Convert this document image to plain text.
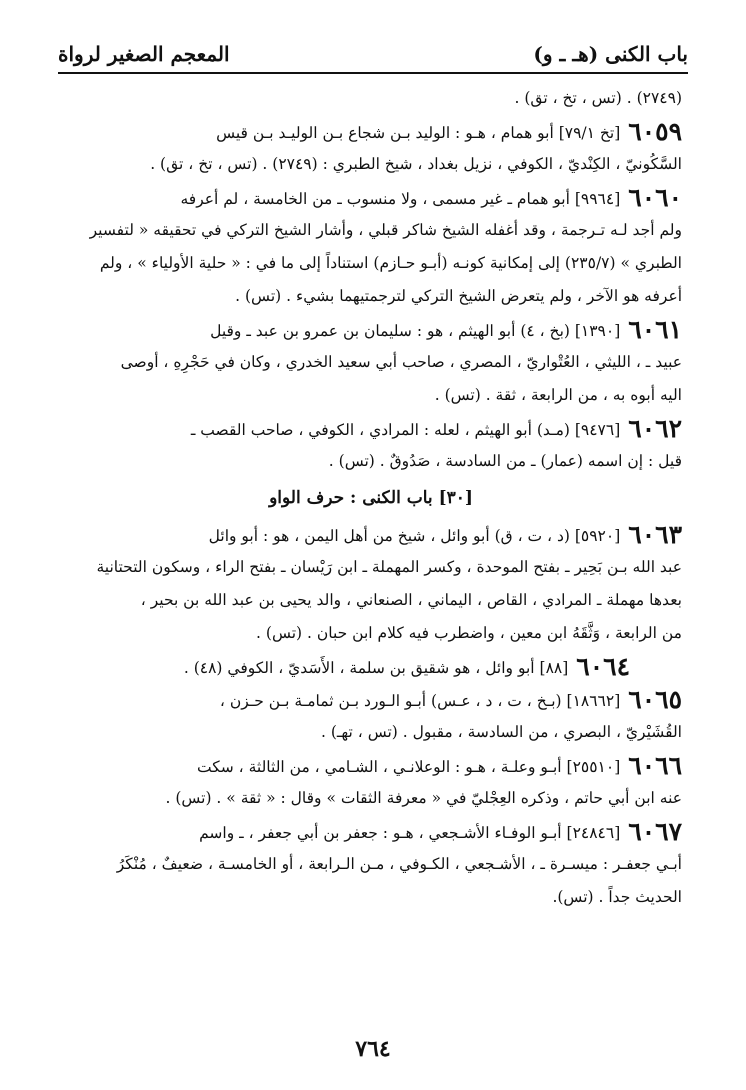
باب الكنى (هـ ـ و)
المعجم الصغير لرواة
(٢٧٤٩) . (تس ، تخ ، تق) .
٦٠٥٩[تخ ٧٩/١] أبو همام ، هـو : الوليد بـن شجاع بـن الوليـد بـن قيس
السَّكُونيّ ، الكِنْديّ ، الكوفي ، نزيل بغداد ، شيخ الطبري : (٢٧٤٩) . (تس ، تخ ، تق) .
٦٠٦٠[٩٩٦٤] أبو همام ـ غير مسمى ، ولا منسوب ـ من الخامسة ، لم أعرفه
ولم أجد لـه تـرجمة ، وقد أغفله الشيخ شاكر قبلي ، وأشار الشيخ التركي في تحقيقه « لتفسير
الطبري » (٢٣٥/٧) إلى إمكانية كونـه (أبـو حـازم) استناداً إلى ما في : « حلية الأولياء » ، ولم
أعرفه هو الآخر ، ولم يتعرض الشيخ التركي لترجمتيهما بشيء . (تس) .
٦٠٦١[١٣٩٠] (بخ ، ٤) أبو الهيثم ، هو : سليمان بن عمرو بن عبد ـ وقيل
عبيد ـ ، الليثي ، العُتْواريّ ، المصري ، صاحب أبي سعيد الخدري ، وكان في حَجْرِهِ ، أوصى
اليه أبوه به ، من الرابعة ، ثقة . (تس) .
٦٠٦٢[٩٤٧٦] (مـد) أبو الهيثم ، لعله : المرادي ، الكوفي ، صاحب القصب ـ
قيل : إن اسمه (عمار) ـ من السادسة ، صَدُوقٌ . (تس) .
[٣٠] باب الكنى : حرف الواو
٦٠٦٣[٥٩٢٠] (د ، ت ، ق) أبو وائل ، شيخ من أهل اليمن ، هو : أبو وائل
عبد الله بـن بَحِير ـ بفتح الموحدة ، وكسر المهملة ـ ابن رَيْسان ـ بفتح الراء ، وسكون التحتانية
بعدها مهملة ـ المرادي ، القاص ، اليماني ، الصنعاني ، والد يحيى بن عبد الله بن بحير ،
من الرابعة ، وَثَّقَهُ ابن معين ، واضطرب فيه كلام ابن حبان . (تس) .
٦٠٦٤[٨٨] أبو وائل ، هو شقيق بن سلمة ، الأَسَديّ ، الكوفي (٤٨) .
٦٠٦٥[١٨٦٦٢] (بـخ ، ت ، د ، عـس) أبـو الـورد بـن ثمامـة بـن حـزن ،
القُشَيْريّ ، البصري ، من السادسة ، مقبول . (تس ، تهـ) .
٦٠٦٦[٢٥٥١٠] أبـو وعلـة ، هـو : الوعلانـي ، الشـامي ، من الثالثة ، سكت
عنه ابن أبي حاتم ، وذكره العِجْليّ في « معرفة الثقات » وقال : « ثقة » . (تس) .
٦٠٦٧[٢٤٨٤٦] أبـو الوفـاء الأشـجعي ، هـو : جعفر بن أبي جعفر ، ـ واسم
أبـي جعفـر : ميسـرة ـ ، الأشـجعي ، الكـوفي ، مـن الـرابعة ، أو الخامسـة ، ضعيفٌ ، مُنْكَرُ
الحديث جداً . (تس).
٧٦٤
